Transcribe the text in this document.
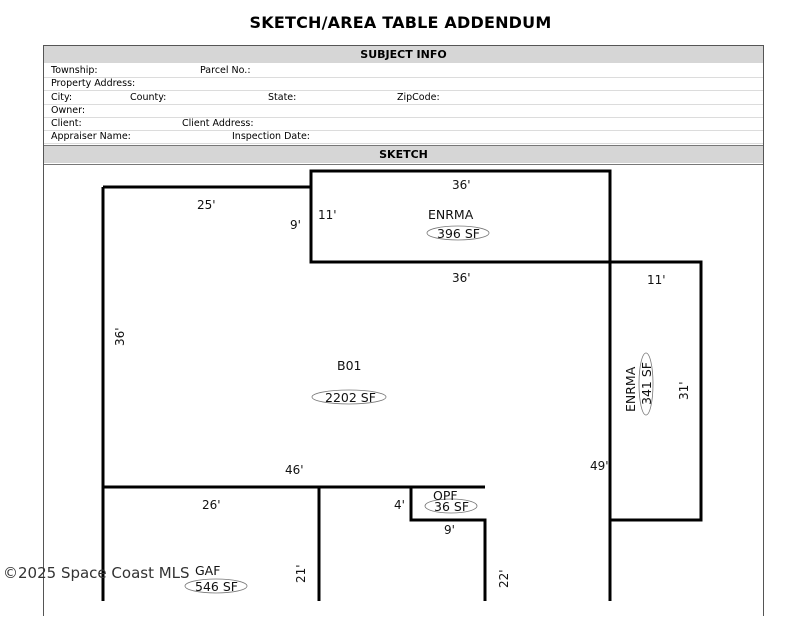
SKETCH/AREA TABLE ADDENDUM
SUBJECT INFO
Township:	Parcel No.:
Property Address:
City:	County:	State:	ZipCode:
Owner:
Client:	Client Address:
Appraiser Name:	Inspection Date:
SKETCH
36'
25'
9'
11'
36'
36'
11'
31'
46'	49'
26'
21'
4'
9'
22'
ENRMA
396 SF
B01
2202 SF	ENRMA 341 SF
OPF
36 SF
GAF
546 SF
©2025 Space Coast MLS
